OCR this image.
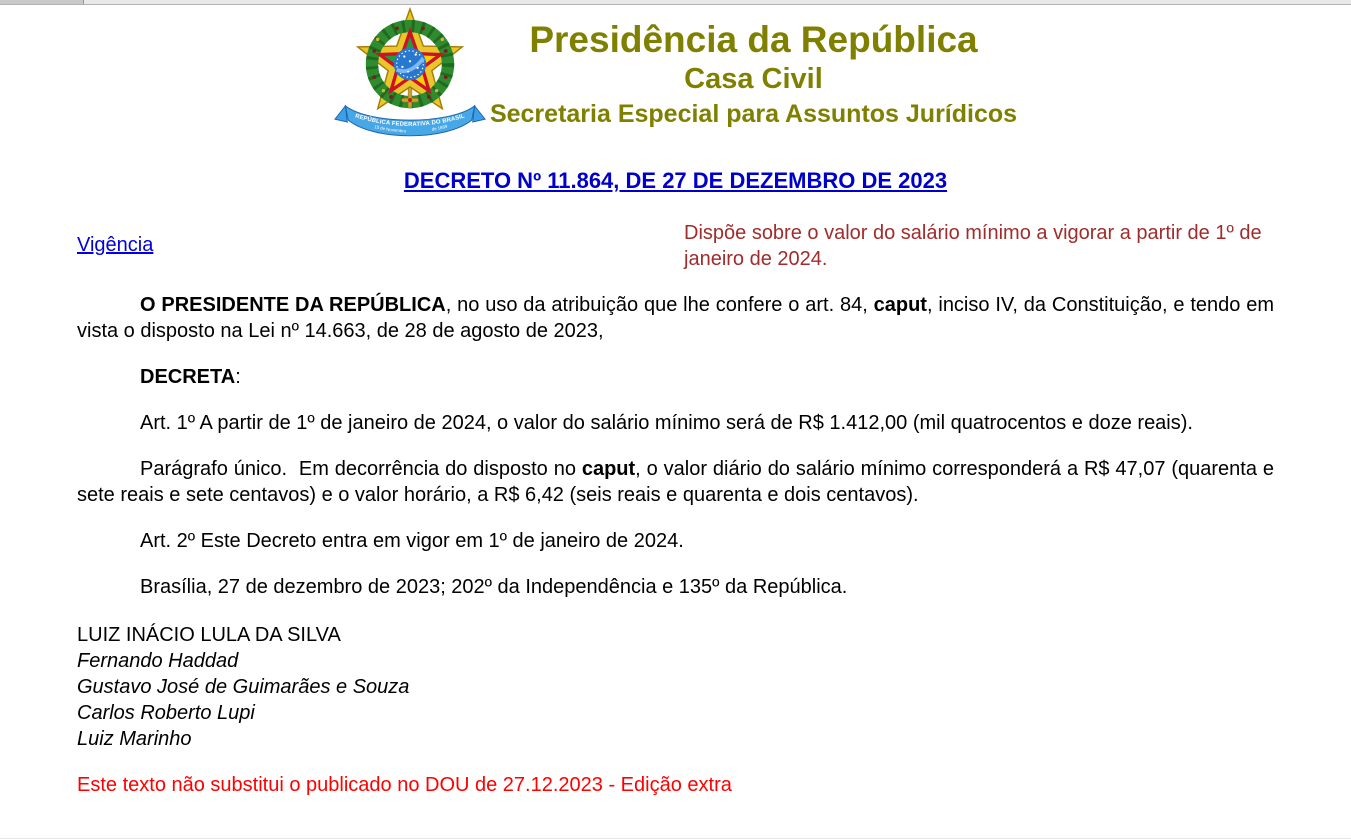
REPÚBLICA FEDERATIVA DO BRASIL
15 de Novembro	de 1889
Presidência da República
Casa Civil
Secretaria Especial para Assuntos Jurídicos
DECRETO Nº 11.864, DE 27 DE DEZEMBRO DE 2023
Vigência
Dispõe sobre o valor do salário mínimo a vigorar a partir de 1º de janeiro de 2024.

O PRESIDENTE DA REPÚBLICA, no uso da atribuição que lhe confere o art. 84, caput, inciso IV, da Constituição, e tendo em vista o disposto na Lei nº 14.663, de 28 de agosto de 2023,

DECRETA:

Art. 1º A partir de 1º de janeiro de 2024, o valor do salário mínimo será de R$ 1.412,00 (mil quatrocentos e doze reais).

Parágrafo único.  Em decorrência do disposto no caput, o valor diário do salário mínimo corresponderá a R$ 47,07 (quarenta e sete reais e sete centavos) e o valor horário, a R$ 6,42 (seis reais e quarenta e dois centavos).

Art. 2º Este Decreto entra em vigor em 1º de janeiro de 2024.

Brasília, 27 de dezembro de 2023; 202º da Independência e 135º da República.

LUIZ INÁCIO LULA DA SILVA

Fernando Haddad

Gustavo José de Guimarães e Souza

Carlos Roberto Lupi

Luiz Marinho

Este texto não substitui o publicado no DOU de 27.12.2023 - Edição extra
